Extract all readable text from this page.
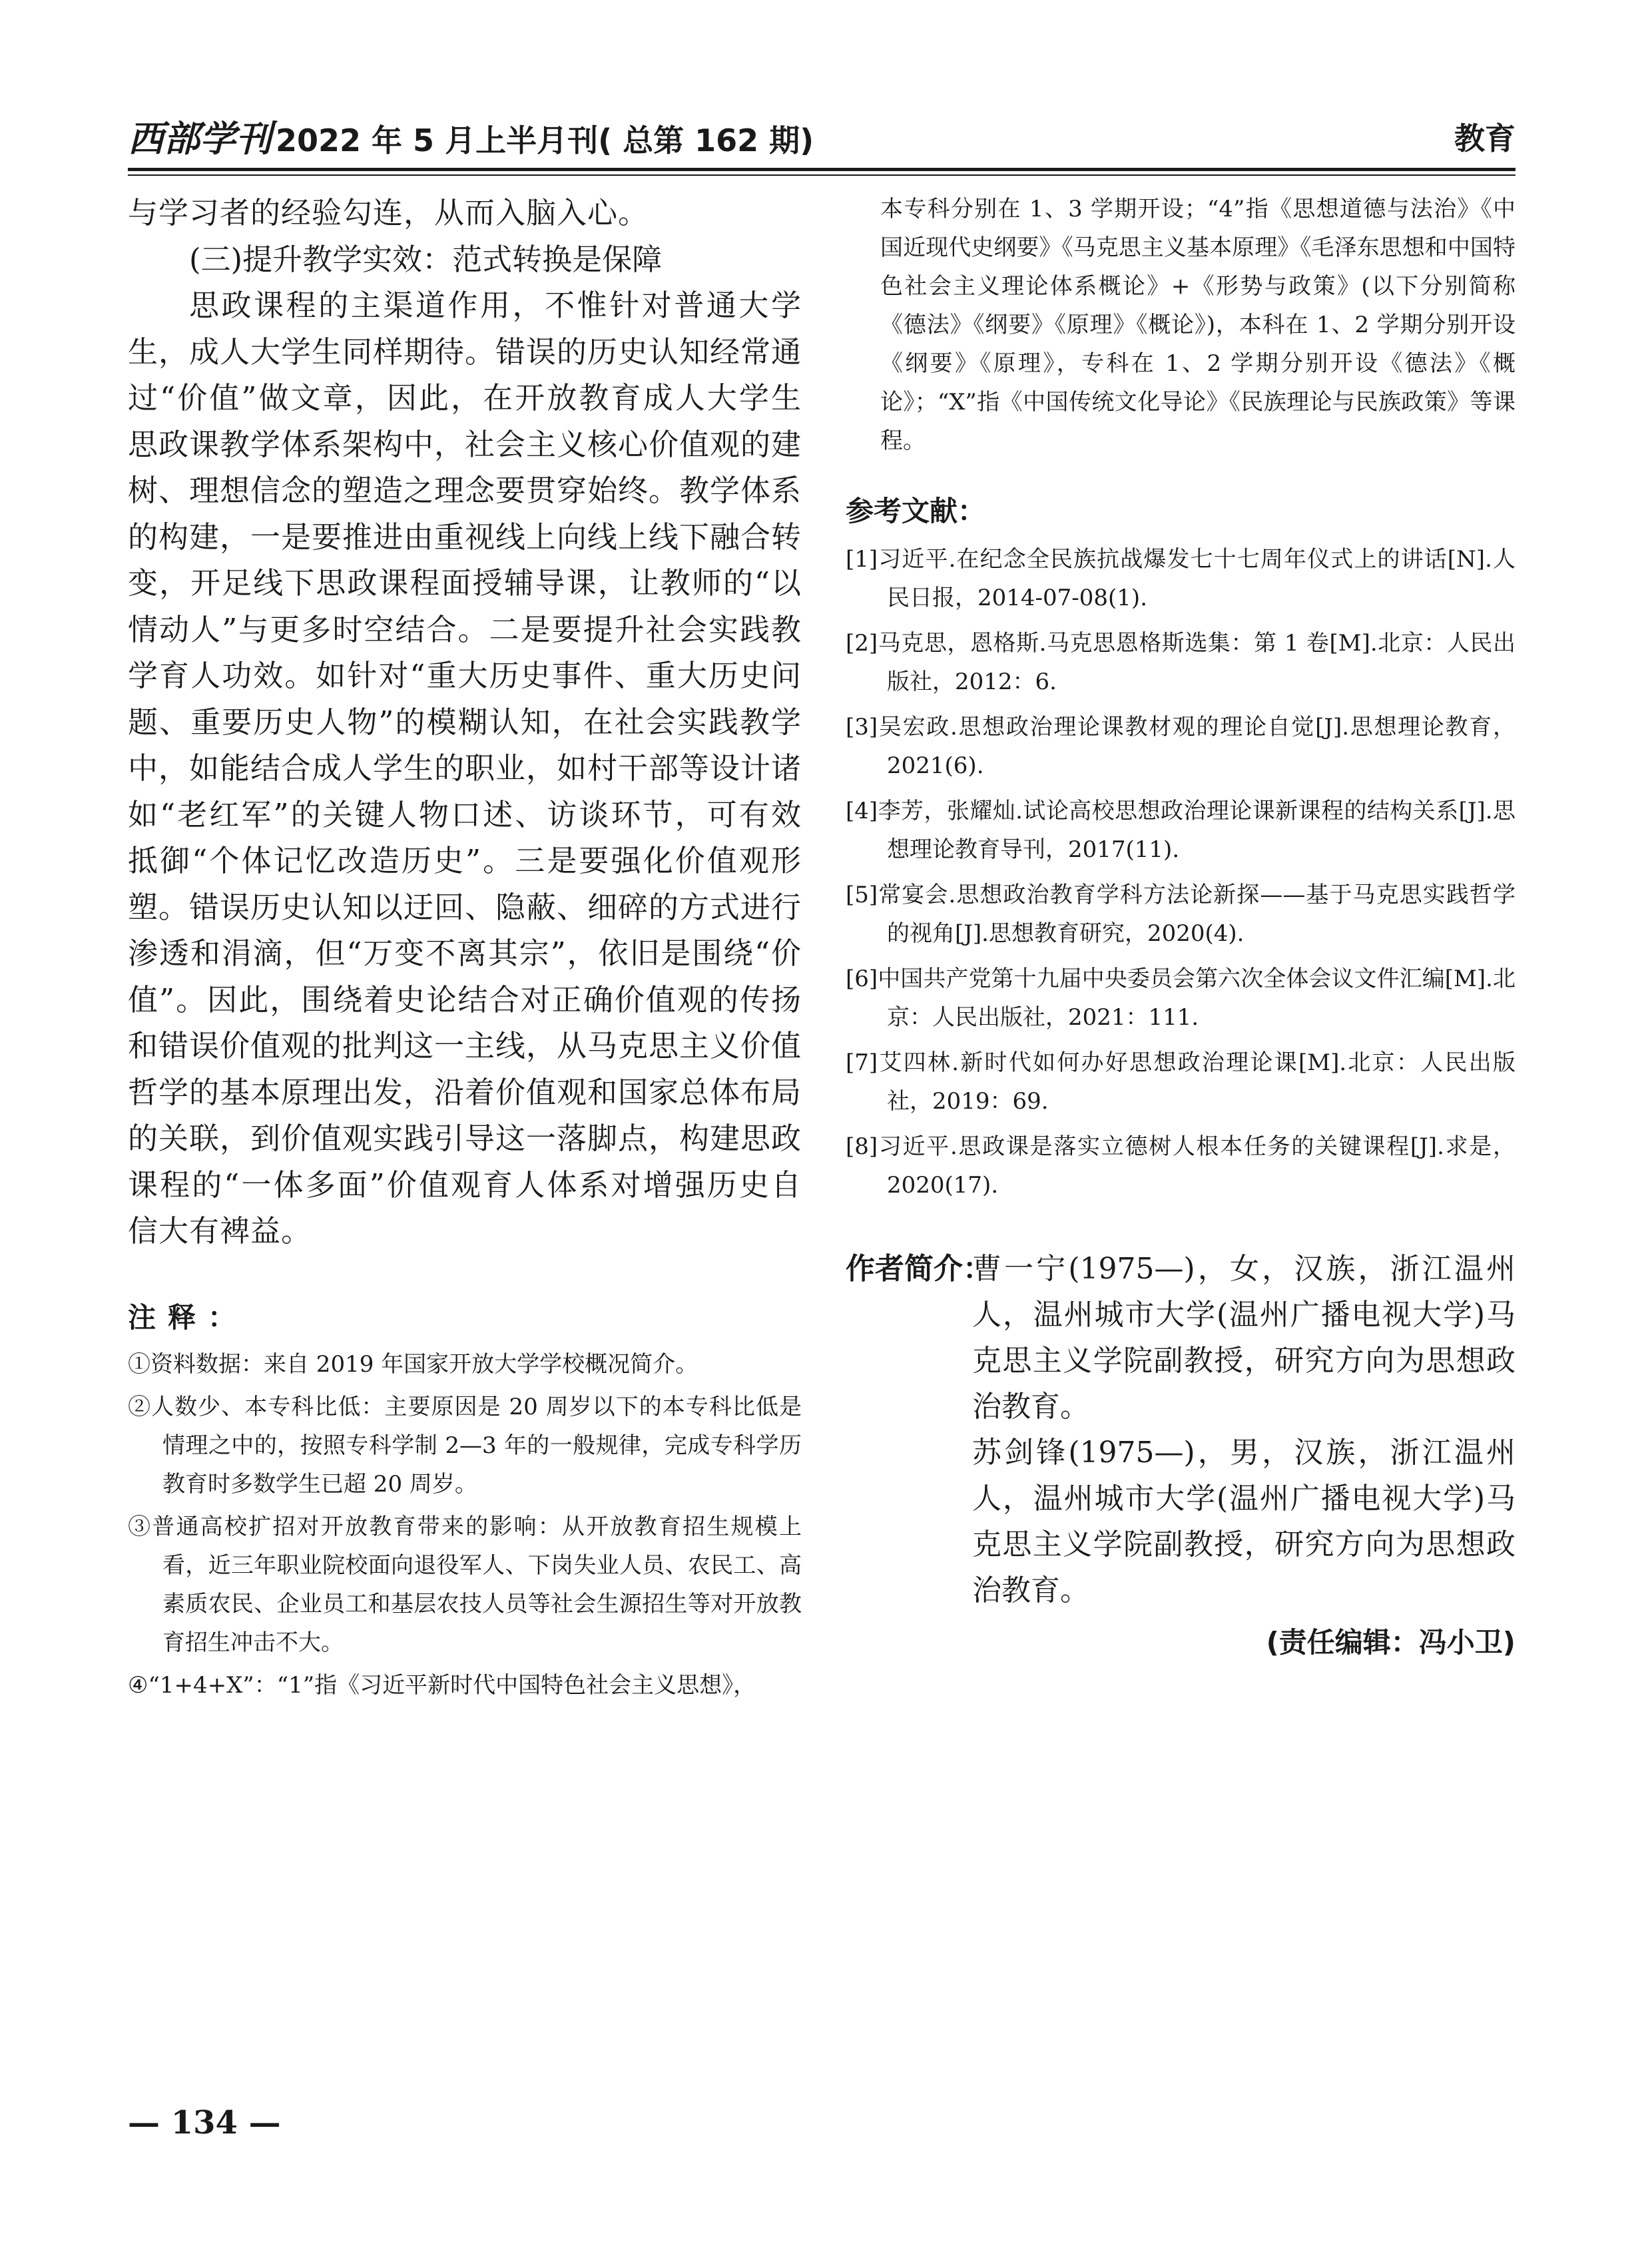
西部学刊 2022 年 5 月上半月刊( 总第 162 期)	教育

与学习者的经验勾连，从而入脑入心。

(三)提升教学实效：范式转换是保障

思政课程的主渠道作用，不惟针对普通大学生，成人大学生同样期待。错误的历史认知经常通过“价值”做文章，因此，在开放教育成人大学生思政课教学体系架构中，社会主义核心价值观的建树、理想信念的塑造之理念要贯穿始终。教学体系的构建，一是要推进由重视线上向线上线下融合转变，开足线下思政课程面授辅导课，让教师的“以情动人”与更多时空结合。二是要提升社会实践教学育人功效。如针对“重大历史事件、重大历史问题、重要历史人物”的模糊认知，在社会实践教学中，如能结合成人学生的职业，如村干部等设计诸如“老红军”的关键人物口述、访谈环节，可有效抵御“个体记忆改造历史”。三是要强化价值观形塑。错误历史认知以迂回、隐蔽、细碎的方式进行渗透和涓滴，但“万变不离其宗”，依旧是围绕“价值”。因此，围绕着史论结合对正确价值观的传扬和错误价值观的批判这一主线，从马克思主义价值哲学的基本原理出发，沿着价值观和国家总体布局的关联，到价值观实践引导这一落脚点，构建思政课程的“一体多面”价值观育人体系对增强历史自信大有裨益。

注释：

①资料数据：来自 2019 年国家开放大学学校概况简介。

②人数少、本专科比低：主要原因是 20 周岁以下的本专科比低是情理之中的，按照专科学制 2—3 年的一般规律，完成专科学历教育时多数学生已超 20 周岁。

③普通高校扩招对开放教育带来的影响：从开放教育招生规模上看，近三年职业院校面向退役军人、下岗失业人员、农民工、高素质农民、企业员工和基层农技人员等社会生源招生等对开放教育招生冲击不大。

④“1+4+X”：“1”指《习近平新时代中国特色社会主义思想》，

本专科分别在 1、3 学期开设；“4”指《思想道德与法治》《中国近现代史纲要》《马克思主义基本原理》《毛泽东思想和中国特色社会主义理论体系概论》+《形势与政策》(以下分别简称《德法》《纲要》《原理》《概论》)，本科在 1、2 学期分别开设《纲要》《原理》，专科在 1、2 学期分别开设《德法》《概论》；“X”指《中国传统文化导论》《民族理论与民族政策》等课程。

参考文献：

[1]习近平.在纪念全民族抗战爆发七十七周年仪式上的讲话[N].人民日报，2014-07-08(1).

[2]马克思，恩格斯.马克思恩格斯选集：第 1 卷[M].北京：人民出版社，2012：6.

[3]吴宏政.思想政治理论课教材观的理论自觉[J].思想理论教育，2021(6).

[4]李芳，张耀灿.试论高校思想政治理论课新课程的结构关系[J].思想理论教育导刊，2017(11).

[5]常宴会.思想政治教育学科方法论新探——基于马克思实践哲学的视角[J].思想教育研究，2020(4).

[6]中国共产党第十九届中央委员会第六次全体会议文件汇编[M].北京：人民出版社，2021：111.

[7]艾四林.新时代如何办好思想政治理论课[M].北京：人民出版社，2019：69.

[8]习近平.思政课是落实立德树人根本任务的关键课程[J].求是，2020(17).

作者简介：

曹一宁(1975—)，女，汉族，浙江温州人，温州城市大学(温州广播电视大学)马克思主义学院副教授，研究方向为思想政治教育。

苏剑锋(1975—)，男，汉族，浙江温州人，温州城市大学(温州广播电视大学)马克思主义学院副教授，研究方向为思想政治教育。

(责任编辑：冯小卫)

— 134 —
